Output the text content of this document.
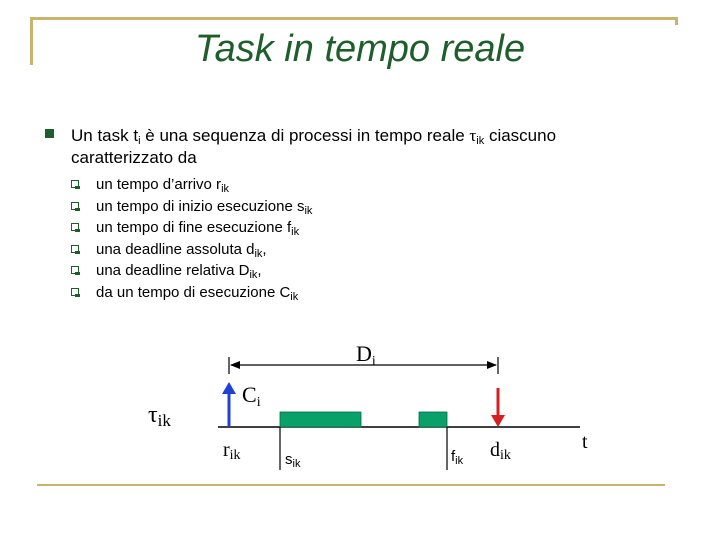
Task in tempo reale
Un task $t_i$ è una sequenza di processi in tempo reale $\tau_{ik}$ ciascuno
caratterizzato da
un tempo d’arrivo $r_{ik}$
un tempo di inizio esecuzione $s_{ik}$
un tempo di fine esecuzione $f_{ik}$
una deadline assoluta $d_{ik}$,
una deadline relativa $D_{ik}$,
da un tempo di esecuzione $C_{ik}$
Di
t
τik
Ci
rik	$s_{ik}$	$f_{ik}$ dik
